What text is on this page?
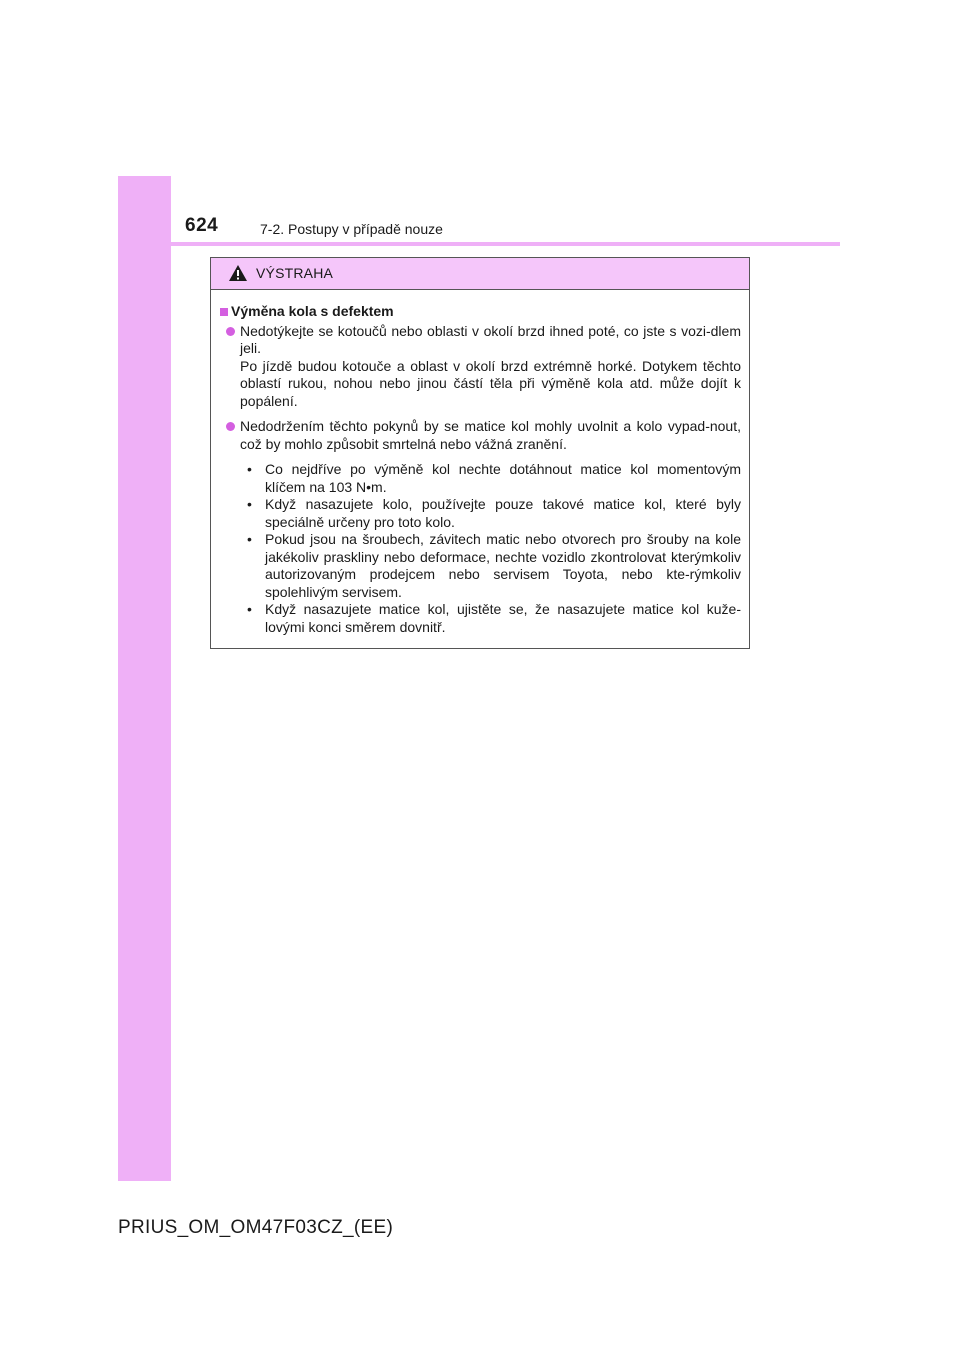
624	7-2. Postupy v případě nouze
VÝSTRAHA
Výměna kola s defektem

Nedotýkejte se kotoučů nebo oblasti v okolí brzd ihned poté, co jste s vozi-dlem jeli.

Po jízdě budou kotouče a oblast v okolí brzd extrémně horké. Dotykem těchto oblastí rukou, nohou nebo jinou částí těla při výměně kola atd. může dojít k popálení.

Nedodržením těchto pokynů by se matice kol mohly uvolnit a kolo vypad-nout, což by mohlo způsobit smrtelná nebo vážná zranění.

• Co nejdříve po výměně kol nechte dotáhnout matice kol momentovým klíčem na 103 N•m.
• Když nasazujete kolo, používejte pouze takové matice kol, které byly speciálně určeny pro toto kolo.
• Pokud jsou na šroubech, závitech matic nebo otvorech pro šrouby na kole jakékoliv praskliny nebo deformace, nechte vozidlo zkontrolovat kterýmkoliv autorizovaným prodejcem nebo servisem Toyota, nebo kte-rýmkoliv spolehlivým servisem.
• Když nasazujete matice kol, ujistěte se, že nasazujete matice kol kuže-lovými konci směrem dovnitř.
PRIUS_OM_OM47F03CZ_(EE)
